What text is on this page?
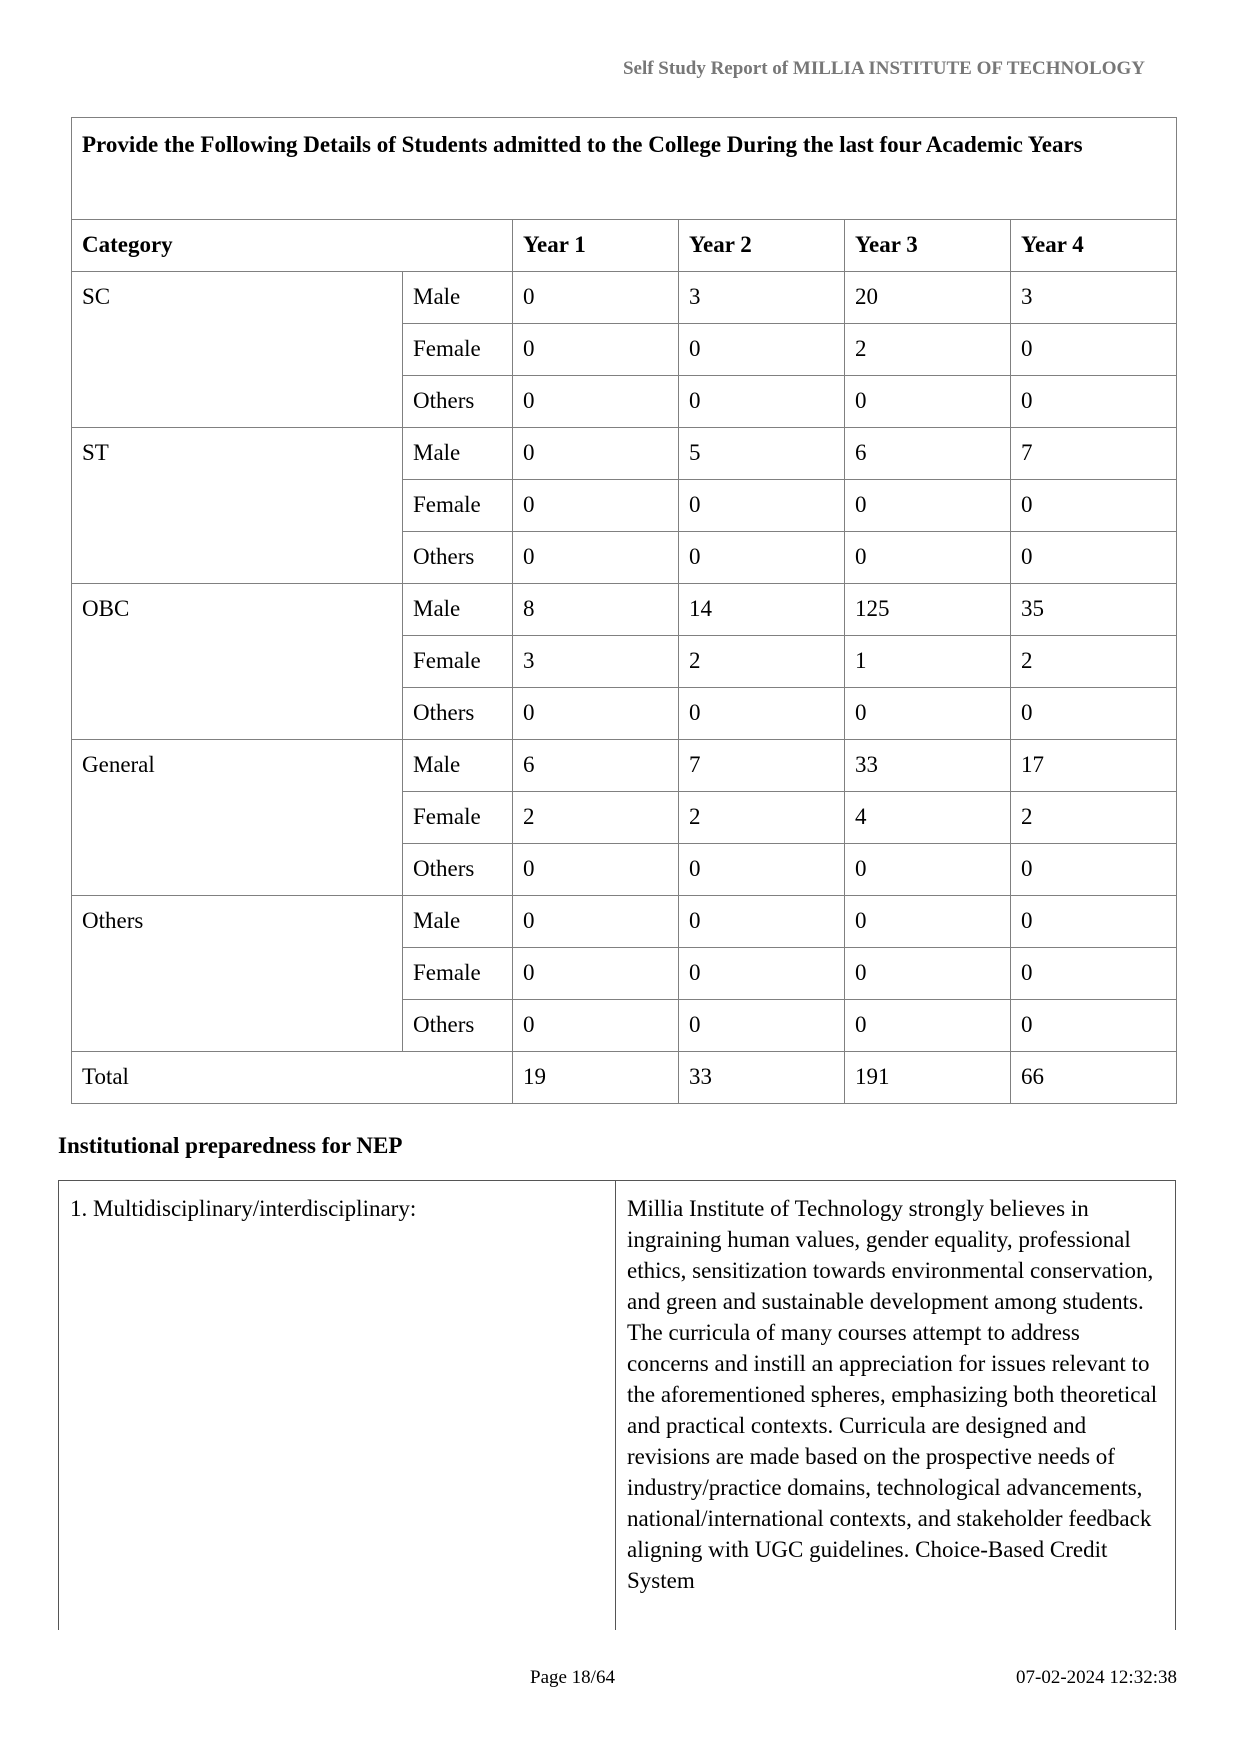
Self Study Report of MILLIA INSTITUTE OF TECHNOLOGY
Provide the Following Details of Students admitted to the College During the last four Academic Years					
Category		Year 1	Year 2	Year 3	Year 4
SC	Male	0	3	20	3
	Female	0	0	2	0
	Others	0	0	0	0
ST	Male	0	5	6	7
	Female	0	0	0	0
	Others	0	0	0	0
OBC	Male	8	14	125	35
	Female	3	2	1	2
	Others	0	0	0	0
General	Male	6	7	33	17
	Female	2	2	4	2
	Others	0	0	0	0
Others	Male	0	0	0	0
	Female	0	0	0	0
	Others	0	0	0	0
Total		19	33	191	66
Institutional preparedness for NEP
1. Multidisciplinary/interdisciplinary:	Millia Institute of Technology strongly believes in ingraining human values, gender equality, professional ethics, sensitization towards environmental conservation, and green and sustainable development among students. The curricula of many courses attempt to address concerns and instill an appreciation for issues relevant to the aforementioned spheres, emphasizing both theoretical and practical contexts. Curricula are designed and revisions are made based on the prospective needs of industry/practice domains, technological advancements, national/international contexts, and stakeholder feedback aligning with UGC guidelines. Choice-Based Credit System
Page 18/64	07-02-2024 12:32:38
